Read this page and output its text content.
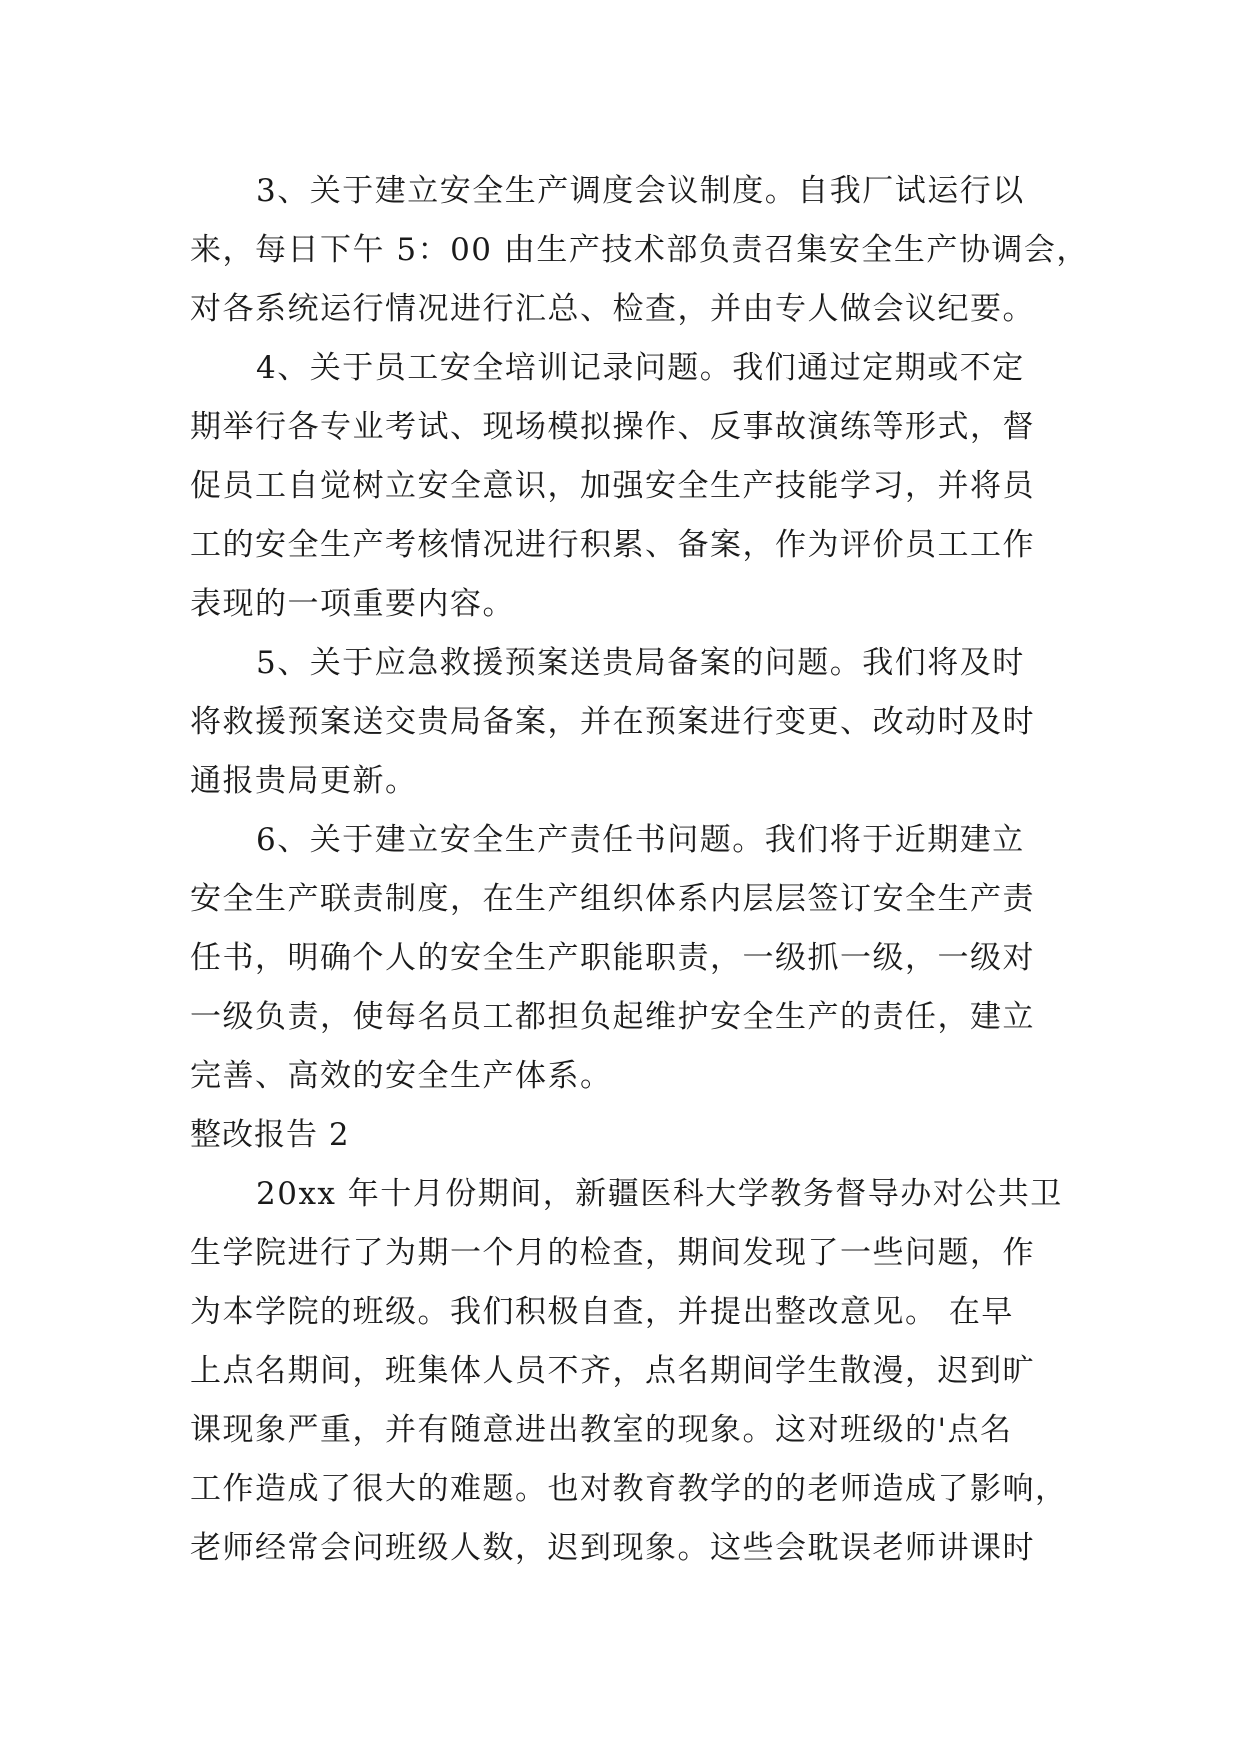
3、关于建立安全生产调度会议制度。自我厂试运行以
来，每日下午 5：00 由生产技术部负责召集安全生产协调会，
对各系统运行情况进行汇总、检查，并由专人做会议纪要。
4、关于员工安全培训记录问题。我们通过定期或不定
期举行各专业考试、现场模拟操作、反事故演练等形式，督
促员工自觉树立安全意识，加强安全生产技能学习，并将员
工的安全生产考核情况进行积累、备案，作为评价员工工作
表现的一项重要内容。
5、关于应急救援预案送贵局备案的问题。我们将及时
将救援预案送交贵局备案，并在预案进行变更、改动时及时
通报贵局更新。
6、关于建立安全生产责任书问题。我们将于近期建立
安全生产联责制度，在生产组织体系内层层签订安全生产责
任书，明确个人的安全生产职能职责，一级抓一级，一级对
一级负责，使每名员工都担负起维护安全生产的责任，建立
完善、高效的安全生产体系。
整改报告 2
20xx 年十月份期间，新疆医科大学教务督导办对公共卫
生学院进行了为期一个月的检查，期间发现了一些问题，作
为本学院的班级。我们积极自查，并提出整改意见。 在早
上点名期间，班集体人员不齐，点名期间学生散漫，迟到旷
课现象严重，并有随意进出教室的现象。这对班级的'点名
工作造成了很大的难题。也对教育教学的的老师造成了影响，
老师经常会问班级人数，迟到现象。这些会耽误老师讲课时
